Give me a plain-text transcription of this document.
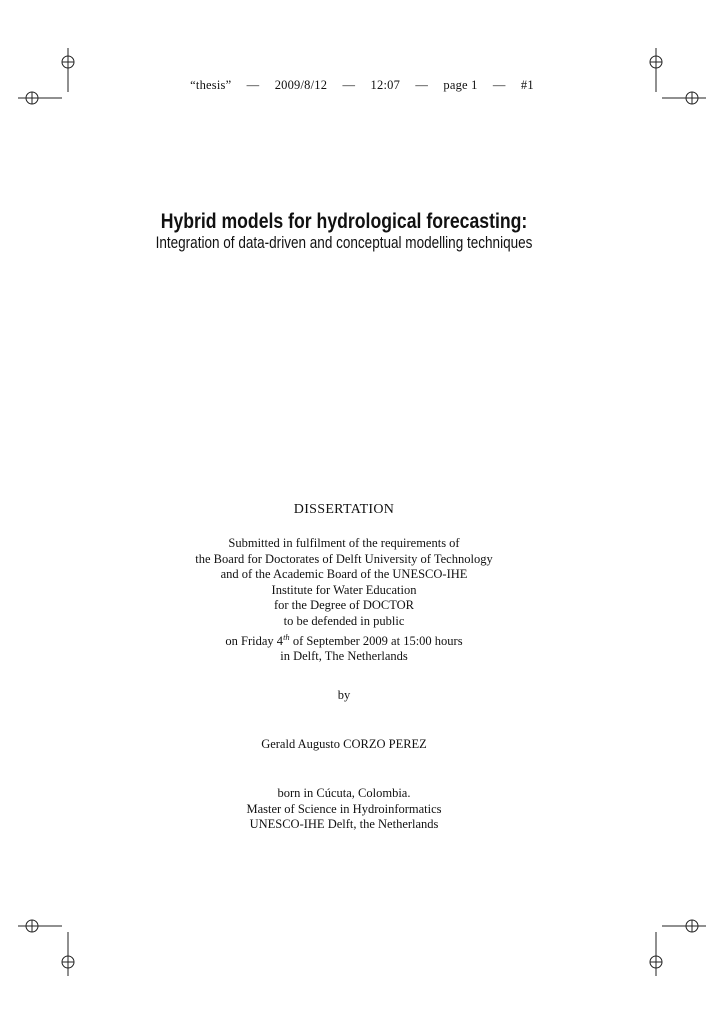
“thesis” — 2009/8/12 — 12:07 — page 1 — #1

Hybrid models for hydrological forecasting:

Integration of data-driven and conceptual modelling techniques

DISSERTATION
Submitted in fulfilment of the requirements of
the Board for Doctorates of Delft University of Technology
and of the Academic Board of the UNESCO-IHE
Institute for Water Education
for the Degree of DOCTOR
to be defended in public
on Friday 4th of September 2009 at 15:00 hours
in Delft, The Netherlands
by
Gerald Augusto CORZO PEREZ
born in Cúcuta, Colombia.
Master of Science in Hydroinformatics
UNESCO-IHE Delft, the Netherlands
